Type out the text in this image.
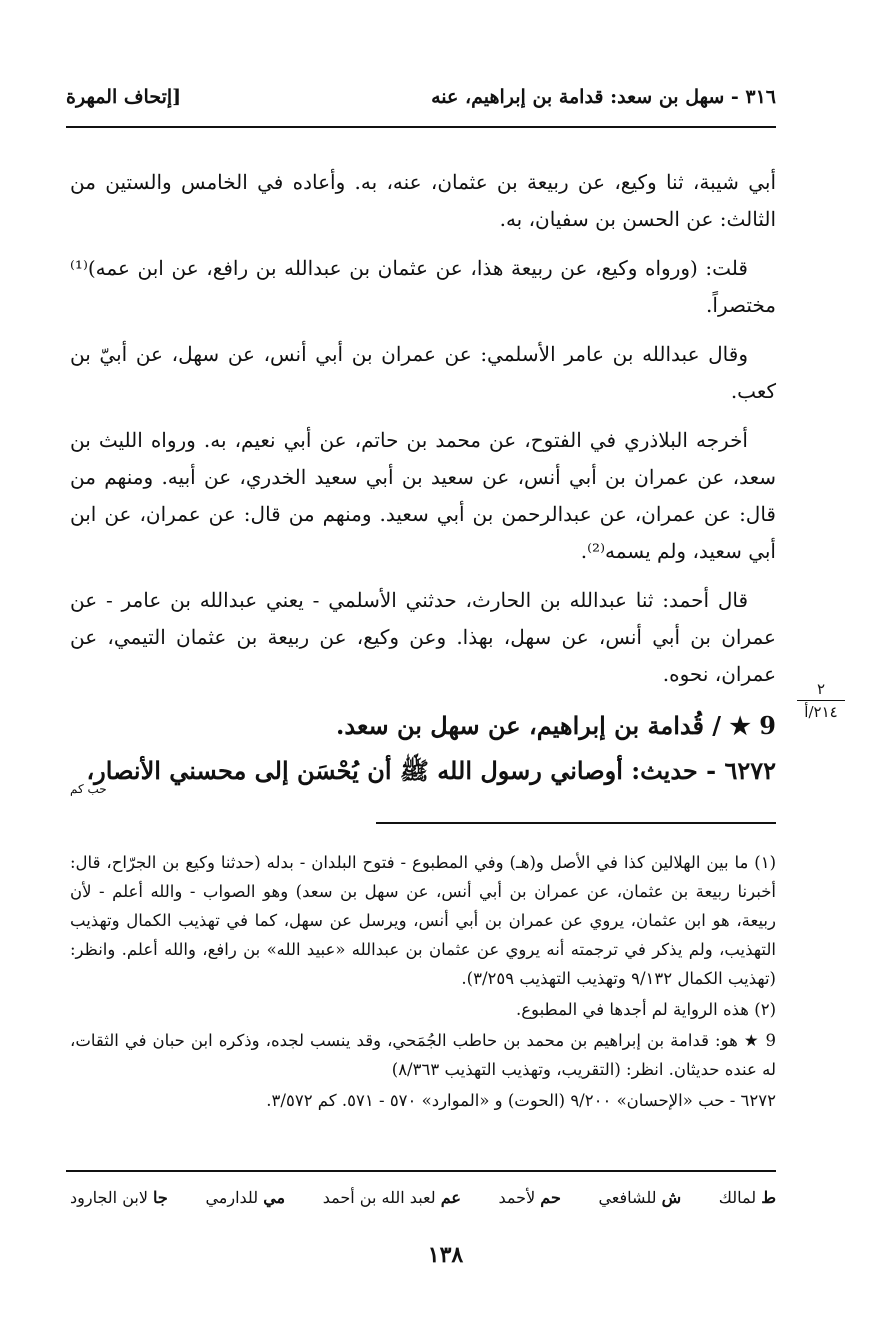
٣١٦ - سهل بن سعد: قدامة بن إبراهيم، عنه
[إتحاف المهرة

أبي شيبة، ثنا وكيع، عن ربيعة بن عثمان، عنه، به. وأعاده في الخامس والستين من الثالث: عن الحسن بن سفيان، به.

قلت: (ورواه وكيع، عن ربيعة هذا، عن عثمان بن عبدالله بن رافع، عن ابن عمه)⁽¹⁾ مختصراً.

وقال عبدالله بن عامر الأسلمي: عن عمران بن أبي أنس، عن سهل، عن أبيّ بن كعب.

أخرجه البلاذري في الفتوح، عن محمد بن حاتم، عن أبي نعيم، به. ورواه الليث بن سعد، عن عمران بن أبي أنس، عن سعيد بن أبي سعيد الخدري، عن أبيه. ومنهم من قال: عن عمران، عن عبدالرحمن بن أبي سعيد. ومنهم من قال: عن عمران، عن ابن أبي سعيد، ولم يسمه⁽²⁾.

قال أحمد: ثنا عبدالله بن الحارث، حدثني الأسلمي - يعني عبدالله بن عامر - عن عمران بن أبي أنس، عن سهل، بهذا. وعن وكيع، عن ربيعة بن عثمان التيمي، عن عمران، نحوه.

9 ★ / قُدامة بن إبراهيم، عن سهل بن سعد.
٦٢٧٢ - حديث: أوصاني رسول الله ﷺ أن يُحْسَن إلى محسني الأنصار،
حب كم
٢
٢١٤/أ

(١) ما بين الهلالين كذا في الأصل و(هـ) وفي المطبوع - فتوح البلدان - بدله (حدثنا وكيع بن الجرّاح، قال: أخبرنا ربيعة بن عثمان، عن عمران بن أبي أنس، عن سهل بن سعد) وهو الصواب - والله أعلم - لأن ربيعة، هو ابن عثمان، يروي عن عمران بن أبي أنس، ويرسل عن سهل، كما في تهذيب الكمال وتهذيب التهذيب، ولم يذكر في ترجمته أنه يروي عن عثمان بن عبدالله «عبيد الله» بن رافع، والله أعلم. وانظر: (تهذيب الكمال ٩/١٣٢ وتهذيب التهذيب ٣/٢٥٩).

(٢) هذه الرواية لم أجدها في المطبوع.

9 ★ هو: قدامة بن إبراهيم بن محمد بن حاطب الجُمَحي، وقد ينسب لجده، وذكره ابن حبان في الثقات، له عنده حديثان. انظر: (التقريب، وتهذيب التهذيب ٨/٣٦٣)

٦٢٧٢ - حب «الإحسان» ٩/٢٠٠ (الحوت) و «الموارد» ٥٧٠ - ٥٧١. كم ٣/٥٧٢.

ط لمالك
ش للشافعي
حم لأحمد
عم لعبد الله بن أحمد
مي للدارمي
جا لابن الجارود
١٣٨
